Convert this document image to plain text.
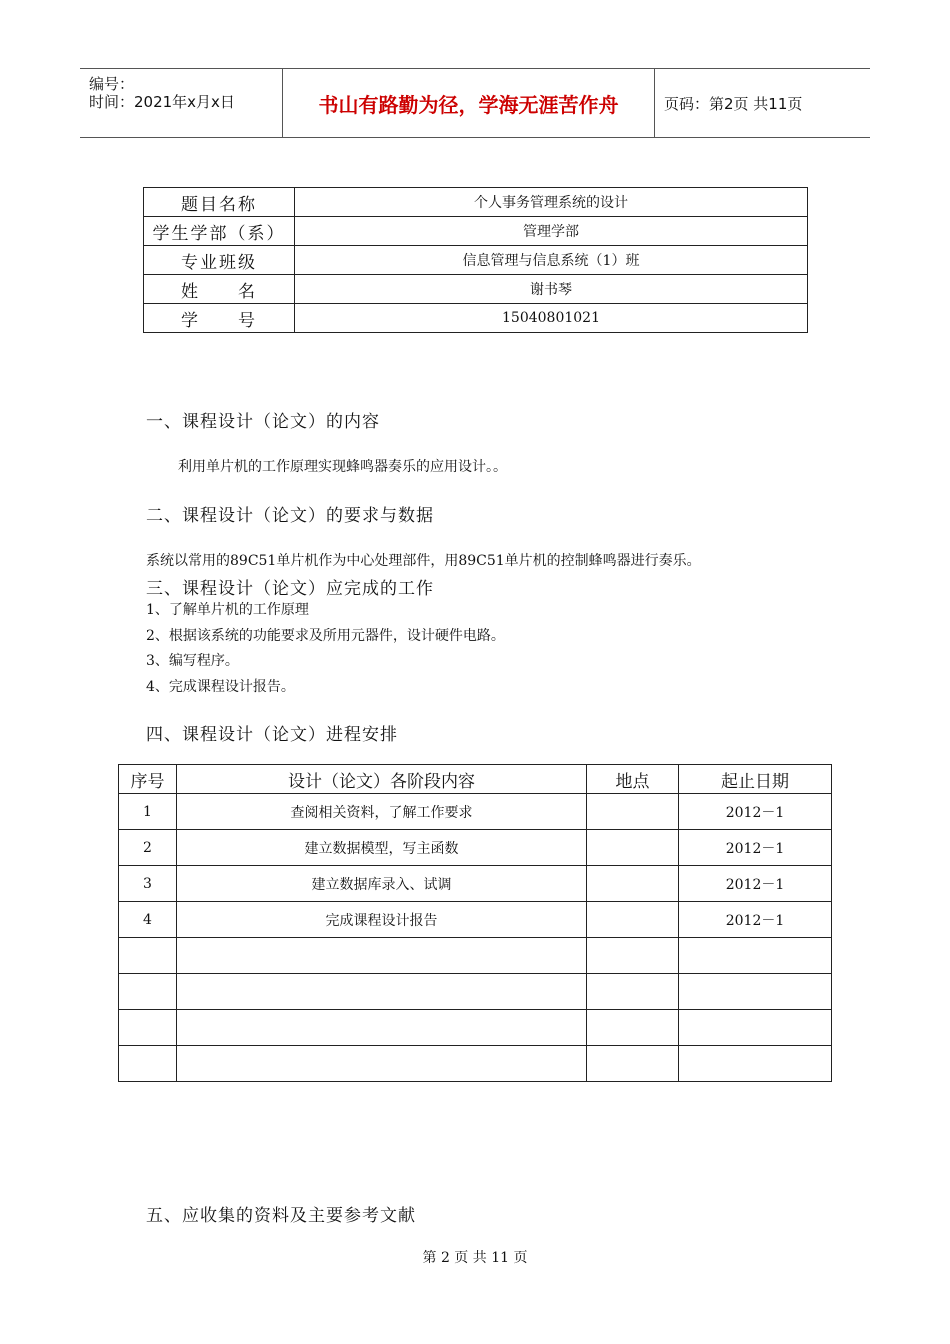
编号：
时间：2021年x月x日	书山有路勤为径，学海无涯苦作舟	页码：第2页 共11页
题目名称	个人事务管理系统的设计
学生学部（系）	管理学部
专业班级	信息管理与信息系统（1）班
姓　　名	谢书琴
学　　号	15040801021
一、课程设计（论文）的内容
利用单片机的工作原理实现蜂鸣器奏乐的应用设计。。
二、课程设计（论文）的要求与数据
系统以常用的89C51单片机作为中心处理部件，用89C51单片机的控制蜂鸣器进行奏乐。
三、课程设计（论文）应完成的工作
1、了解单片机的工作原理
2、根据该系统的功能要求及所用元器件，设计硬件电路。
3、编写程序。
4、完成课程设计报告。
四、课程设计（论文）进程安排
序号	设计（论文）各阶段内容	地点	起止日期
1	查阅相关资料，了解工作要求		2012－1
2	建立数据模型，写主函数		2012－1
3	建立数据库录入、试调		2012－1
4	完成课程设计报告		2012－1

五、应收集的资料及主要参考文献
第 2 页 共 11 页
